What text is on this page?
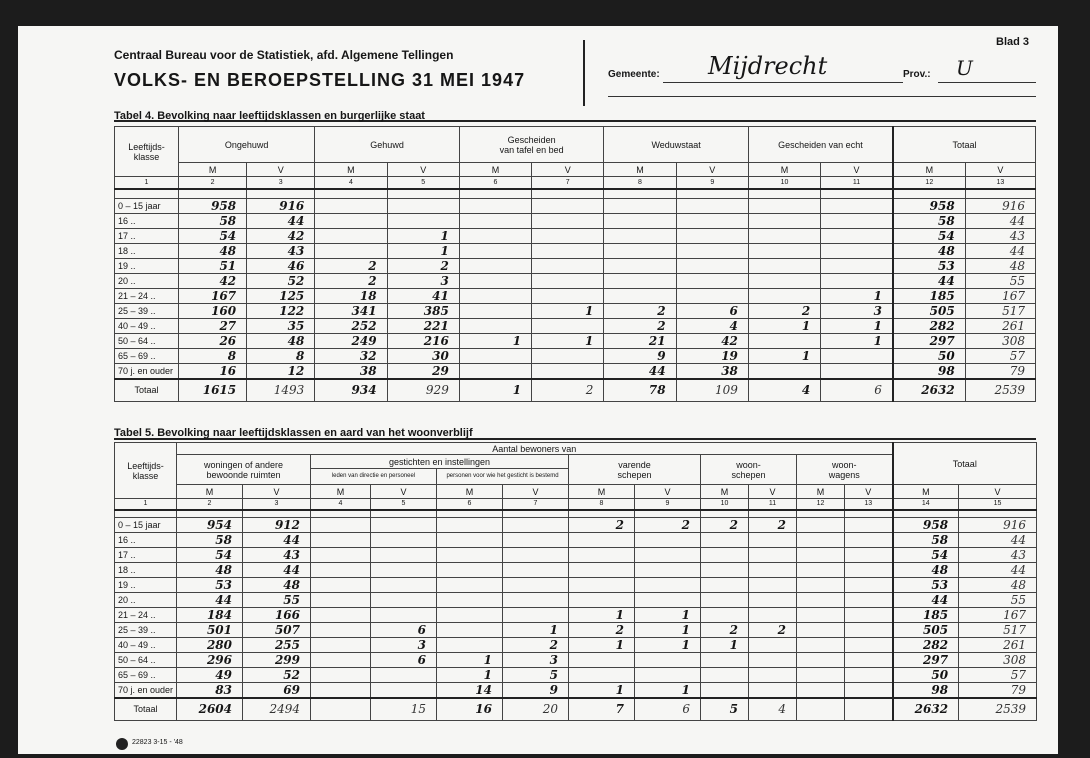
Centraal Bureau voor de Statistiek, afd. Algemene Tellingen
VOLKS- EN BEROEPSTELLING 31 MEI 1947	Gemeente: Mijdrecht	Prov.: U
Blad 3
Tabel 4. Bevolking naar leeftijdsklassen en burgerlijke staat
Leeftijds-
klasse	Ongehuwd		Gehuwd		Gescheiden
van tafel en bed		Weduwstaat		Gescheiden van echt		Totaal	
	M	V	M	V	M	V	M	V	M	V	M	V
1	2	3	4	5	6	7	8	9	10	11	12	13

0 – 15 jaar	958	916									958	916
16 ..	58	44									58	44
17 ..	54	42		1							54	43
18 ..	48	43		1							48	44
19 ..	51	46	2	2							53	48
20 ..	42	52	2	3							44	55
21 – 24 ..	167	125	18	41						1	185	167
25 – 39 ..	160	122	341	385		1	2	6	2	3	505	517
40 – 49 ..	27	35	252	221			2	4	1	1	282	261
50 – 64 ..	26	48	249	216	1	1	21	42		1	297	308
65 – 69 ..	8	8	32	30			9	19	1		50	57
70 j. en ouder	16	12	38	29			44	38			98	79
Totaal	1615	1493	934	929	1	2	78	109	4	6	2632	2539
Tabel 5. Bevolking naar leeftijdsklassen en aard van het woonverblijf
Leeftijds-
klasse	Aantal bewoners van												Totaal	
	woningen of andere
bewoonde ruimten		gestichten en instellingen				varende
schepen		woon-
schepen		woon-
wagens			
			leden van directie en personeel		personen voor wie het gesticht is bestemd									
	M	V	M	V	M	V	M	V	M	V	M	V	M	V
1	2	3	4	5	6	7	8	9	10	11	12	13	14	15

0 – 15 jaar	954	912					2	2	2	2			958	916
16 ..	58	44											58	44
17 ..	54	43											54	43
18 ..	48	44											48	44
19 ..	53	48											53	48
20 ..	44	55											44	55
21 – 24 ..	184	166					1	1					185	167
25 – 39 ..	501	507		6		1	2	1	2	2			505	517
40 – 49 ..	280	255		3		2	1	1	1				282	261
50 – 64 ..	296	299		6	1	3							297	308
65 – 69 ..	49	52			1	5							50	57
70 j. en ouder	83	69			14	9	1	1					98	79
Totaal	2604	2494		15	16	20	7	6	5	4			2632	2539
22823 3-15 - '48
